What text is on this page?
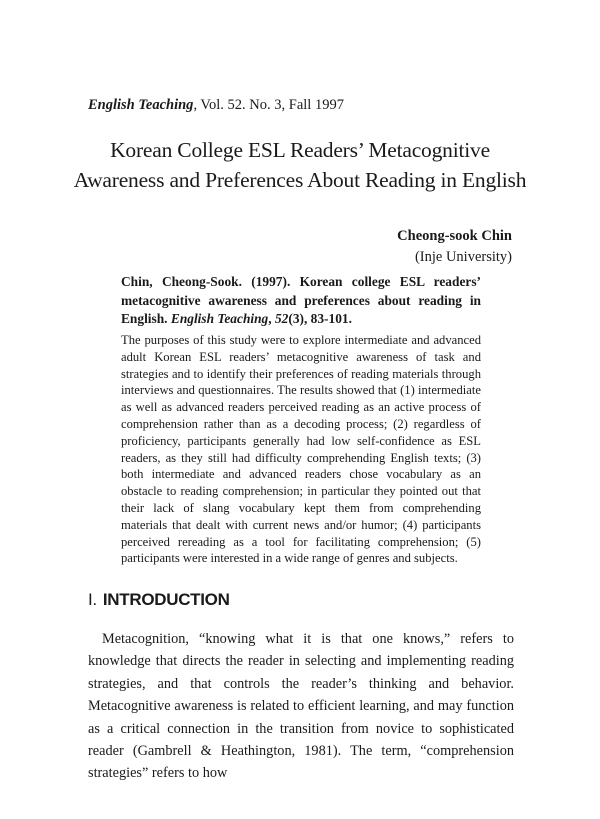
English Teaching, Vol. 52. No. 3, Fall 1997
Korean College ESL Readers’ Metacognitive
Awareness and Preferences About Reading in English
Cheong-sook Chin
(Inje University)
Chin, Cheong-Sook. (1997). Korean college ESL readers’ metacognitive awareness and preferences about reading in English. English Teaching, 52(3), 83-101.
The purposes of this study were to explore intermediate and advanced adult Korean ESL readers’ metacognitive awareness of task and strategies and to identify their preferences of reading materials through interviews and questionnaires. The results showed that (1) intermediate as well as advanced readers perceived reading as an active process of comprehension rather than as a decoding process; (2) regardless of proficiency, participants generally had low self-confidence as ESL readers, as they still had difficulty comprehending English texts; (3) both intermediate and advanced readers chose vocabulary as an obstacle to reading comprehension; in particular they pointed out that their lack of slang vocabulary kept them from comprehending materials that dealt with current news and/or humor; (4) participants perceived rereading as a tool for facilitating comprehension; (5) participants were interested in a wide range of genres and subjects.
I. INTRODUCTION
Metacognition, “knowing what it is that one knows,” refers to knowledge that directs the reader in selecting and implementing reading strategies, and that controls the reader’s thinking and behavior. Metacognitive awareness is related to efficient learning, and may function as a critical connection in the transition from novice to sophisticated reader (Gambrell & Heathington, 1981). The term, “comprehension strategies” refers to how
